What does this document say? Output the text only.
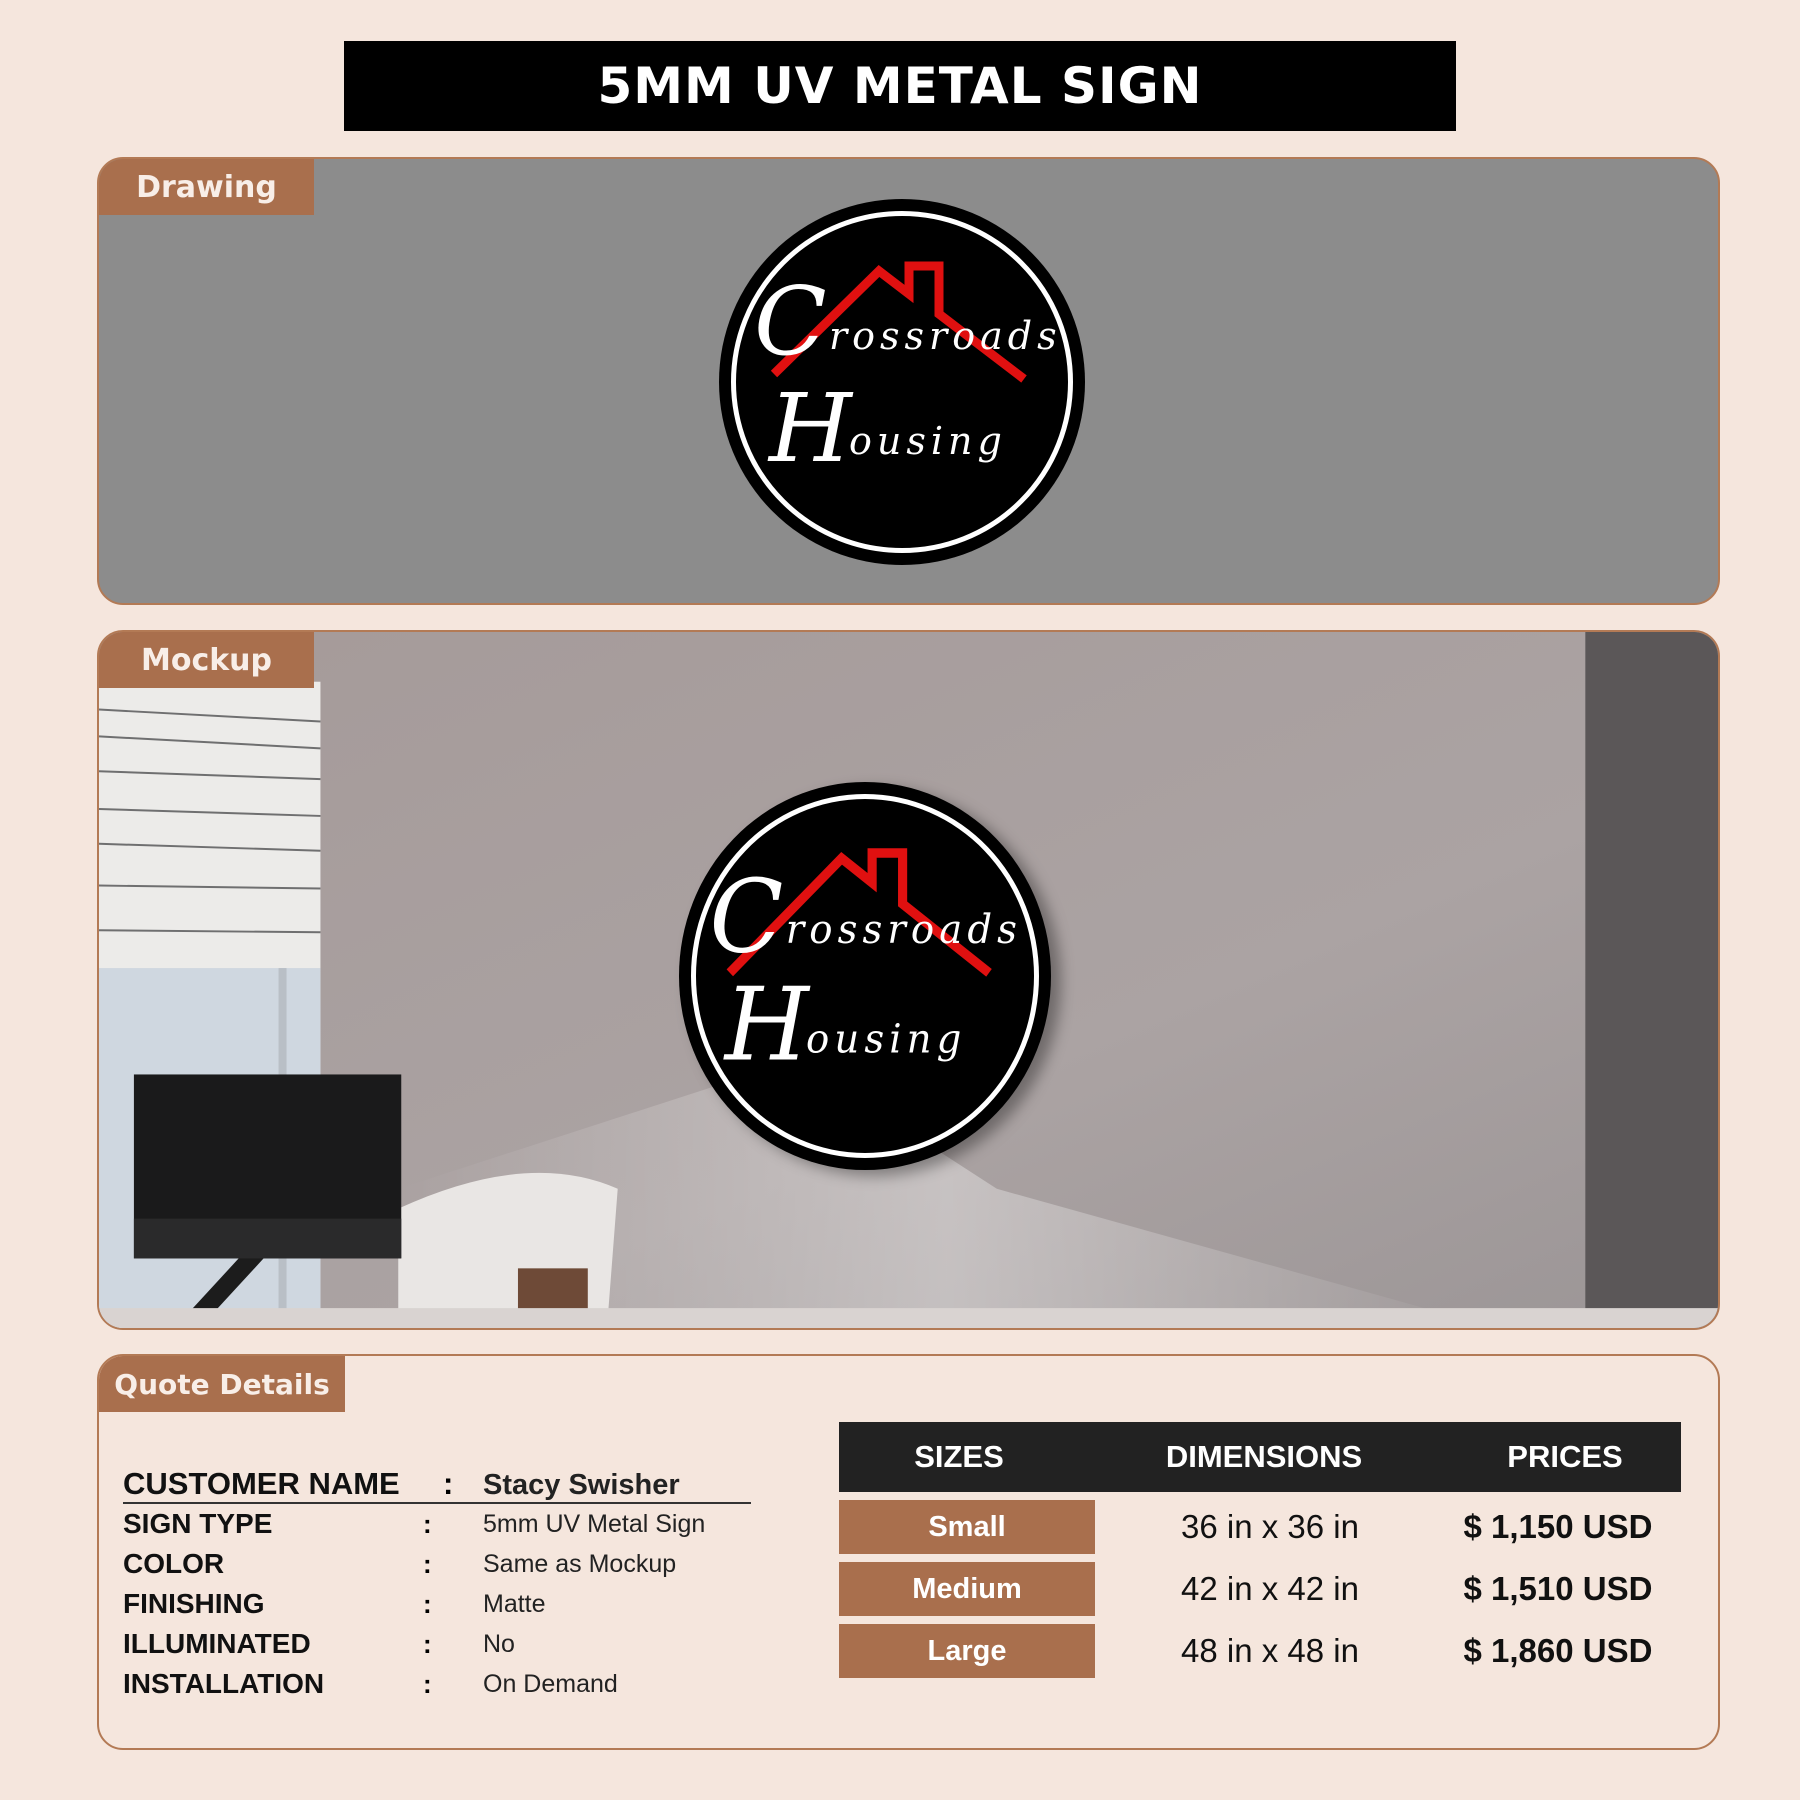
5MM UV METAL SIGN
Drawing
C rossroads
H
ousing
Mockup
C rossroads
H
ousing
Quote Details
CUSTOMER NAME	:	Stacy Swisher
SIGN TYPE	:	5mm UV Metal Sign
COLOR	:	Same as Mockup
FINISHING	:	Matte
ILLUMINATED	:	No
INSTALLATION	:	On Demand
SIZES	DIMENSIONS	PRICES
Small	36 in x 36 in	$ 1,150 USD
Medium	42 in x 42 in	$ 1,510 USD
Large	48 in x 48 in	$ 1,860 USD
